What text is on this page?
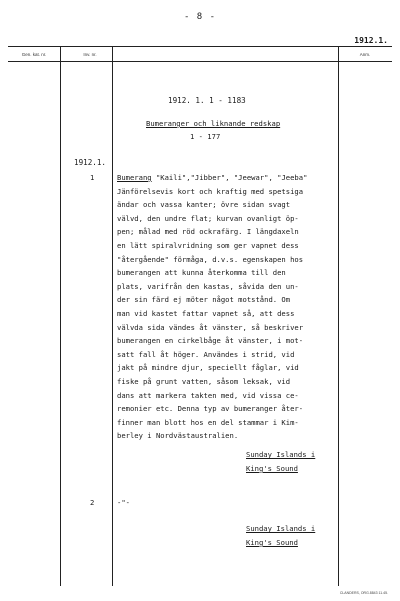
- 8 -
1912.1.
Gen. kat. nr.	Inv. nr.	Anm.
1912. 1. 1 - 1183
Bumeranger och liknande redskap
1 - 177
1912.1.
1	Bumerang "Kaili","Jibber", "Jeewar", "Jeeba"
Jänförelsevis kort och kraftig med spetsiga
ändar och vassa kanter; övre sidan svagt
välvd, den undre flat; kurvan ovanligt öp-
pen; målad med röd ockrafärg. I längdaxeln
en lätt spiralvridning som ger vapnet dess
"återgående" förmåga, d.v.s. egenskapen hos
bumerangen att kunna återkomma till den
plats, varifrån den kastas, såvida den un-
der sin färd ej möter något motstånd. Om
man vid kastet fattar vapnet så, att dess
välvda sida vändes åt vänster, så beskriver
bumerangen en cirkelbåge åt vänster, i mot-
satt fall åt höger. Användes i strid, vid
jakt på mindre djur, speciellt fåglar, vid
fiske på grunt vatten, såsom leksak, vid
dans att markera takten med, vid vissa ce-
remonier etc. Denna typ av bumeranger åter-
finner man blott hos en del stammar i Kim-
berley i Nordvästaustralien.
Sunday Islands i
King's Sound
2	-"-
Sunday Islands i
King's Sound
CLANDERS, ORG.8843 11.45.
